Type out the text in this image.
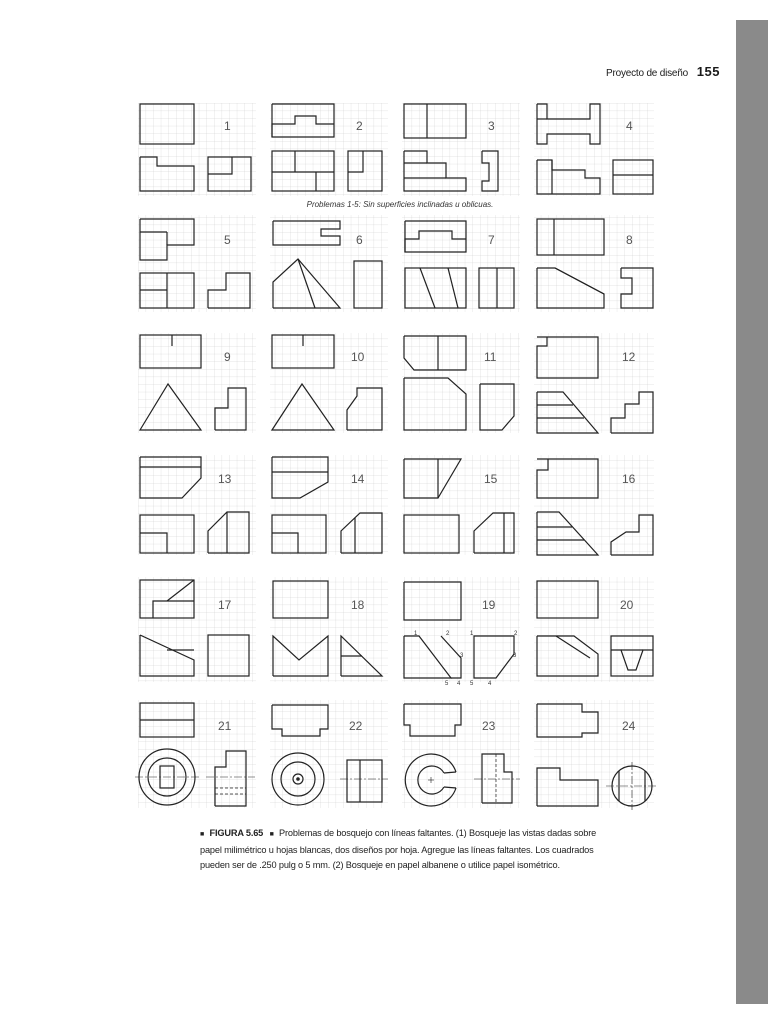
Proyecto de diseño 155
1	2	3	4
5	6	7	8
9	10	11	12
13	14	15	16
17	18	19	20
21	22	23	24
1	2	1	2
3	3
5 4 5 4
Problemas 1-5: Sin superficies inclinadas u oblicuas.
■ FIGURA 5.65 ■ Problemas de bosquejo con líneas faltantes. (1) Bosqueje las vistas dadas sobre papel milimétrico u hojas blancas, dos diseños por hoja. Agregue las líneas faltantes. Los cuadrados pueden ser de .250 pulg o 5 mm. (2) Bosqueje en papel albanene o utilice papel isométrico.
